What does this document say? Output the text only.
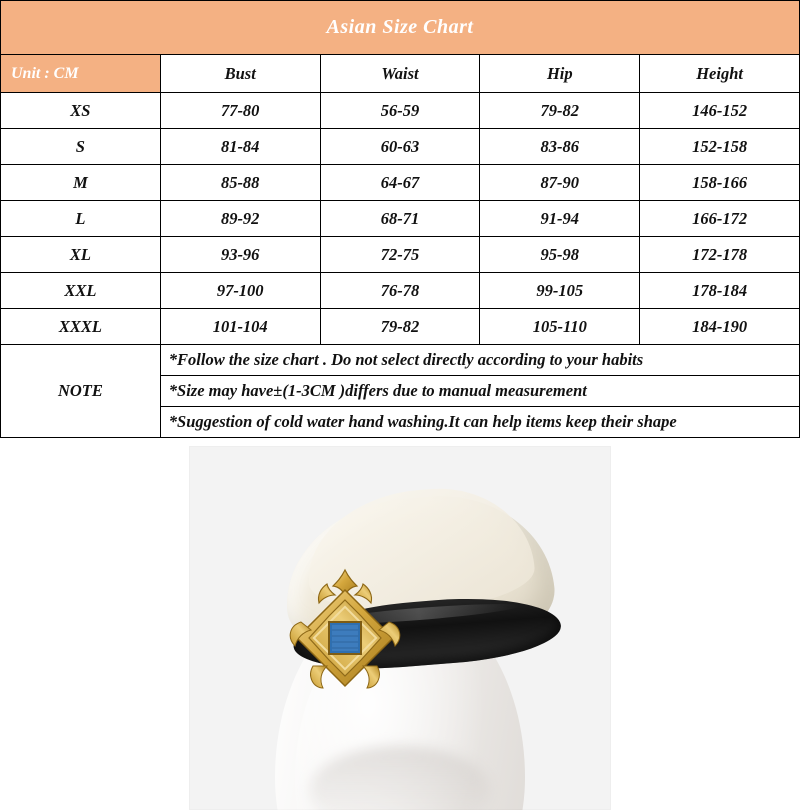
Asian Size Chart				
Unit : CM	Bust	Waist	Hip	Height
XS	77-80	56-59	79-82	146-152
S	81-84	60-63	83-86	152-158
M	85-88	64-67	87-90	158-166
L	89-92	68-71	91-94	166-172
XL	93-96	72-75	95-98	172-178
XXL	97-100	76-78	99-105	178-184
XXXL	101-104	79-82	105-110	184-190
NOTE	*Follow the size chart . Do not select directly according to your habits			
	*Size may have±(1-3CM )differs due to manual measurement			
	*Suggestion of cold water hand washing.It can help items keep their shape			
